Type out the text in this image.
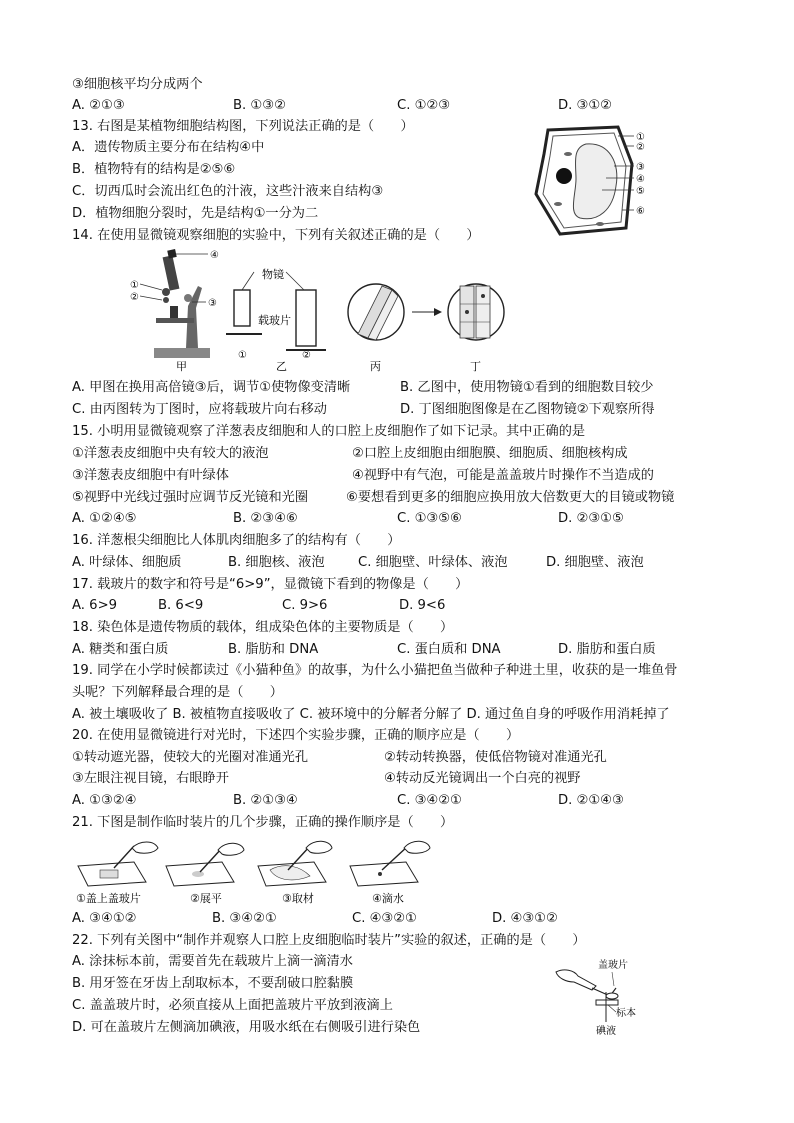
③细胞核平均分成两个
A. ②①③	B. ①③②	C. ①②③	D. ③①②
13. 右图是某植物细胞结构图，下列说法正确的是（　　）
A．遗传物质主要分布在结构④中
B．植物特有的结构是②⑤⑥
C．切西瓜时会流出红色的汁液，这些汁液来自结构③
D．植物细胞分裂时，先是结构①一分为二
①
②
③
④
⑤
⑥
14. 在使用显微镜观察细胞的实验中，下列有关叙述正确的是（　　）
④
①
②
③
甲
物镜
载玻片
①	②
乙	丙	丁
A. 甲图在换用高倍镜③后，调节①使物像变清晰	B. 乙图中，使用物镜①看到的细胞数目较少
C. 由丙图转为丁图时，应将载玻片向右移动	D. 丁图细胞图像是在乙图物镜②下观察所得
15. 小明用显微镜观察了洋葱表皮细胞和人的口腔上皮细胞作了如下记录。其中正确的是
①洋葱表皮细胞中央有较大的液泡	②口腔上皮细胞由细胞膜、细胞质、细胞核构成
③洋葱表皮细胞中有叶绿体	④视野中有气泡，可能是盖盖玻片时操作不当造成的
⑤视野中光线过强时应调节反光镜和光圈	⑥要想看到更多的细胞应换用放大倍数更大的目镜或物镜
A. ①②④⑤	B. ②③④⑥	C. ①③⑤⑥	D. ②③①⑤
16. 洋葱根尖细胞比人体肌肉细胞多了的结构有（　　）
A. 叶绿体、细胞质	B. 细胞核、液泡	C. 细胞壁、叶绿体、液泡	D. 细胞壁、液泡
17. 载玻片的数字和符号是“6>9”，显微镜下看到的物像是（　　）
A. 6>9	B. 6<9	C. 9>6	D. 9<6
18. 染色体是遗传物质的载体，组成染色体的主要物质是（　　）
A. 糖类和蛋白质	B. 脂肪和 DNA	C. 蛋白质和 DNA	D. 脂肪和蛋白质
19. 同学在小学时候都读过《小猫种鱼》的故事，为什么小猫把鱼当做种子种进土里，收获的是一堆鱼骨
头呢？下列解释最合理的是（　　）
A. 被土壤吸收了 B. 被植物直接吸收了 C. 被环境中的分解者分解了 D. 通过鱼自身的呼吸作用消耗掉了
20. 在使用显微镜进行对光时，下述四个实验步骤，正确的顺序应是（　　）
①转动遮光器，使较大的光圈对准通光孔	②转动转换器，使低倍物镜对准通光孔
③左眼注视目镜，右眼睁开	④转动反光镜调出一个白亮的视野
A. ①③②④	B. ②①③④	C. ③④②①	D. ②①④③
21. 下图是制作临时装片的几个步骤，正确的操作顺序是（　　）
①盖上盖玻片	②展平	③取材	④滴水
A. ③④①②	B. ③④②①	C. ④③②①	D. ④③①②
22. 下列有关图中“制作并观察人口腔上皮细胞临时装片”实验的叙述，正确的是（　　）
A. 涂抹标本前，需要首先在载玻片上滴一滴清水
B. 用牙签在牙齿上刮取标本，不要刮破口腔黏膜
C. 盖盖玻片时，必须直接从上面把盖玻片平放到液滴上
D. 可在盖玻片左侧滴加碘液，用吸水纸在右侧吸引进行染色
盖玻片
标本
碘液
